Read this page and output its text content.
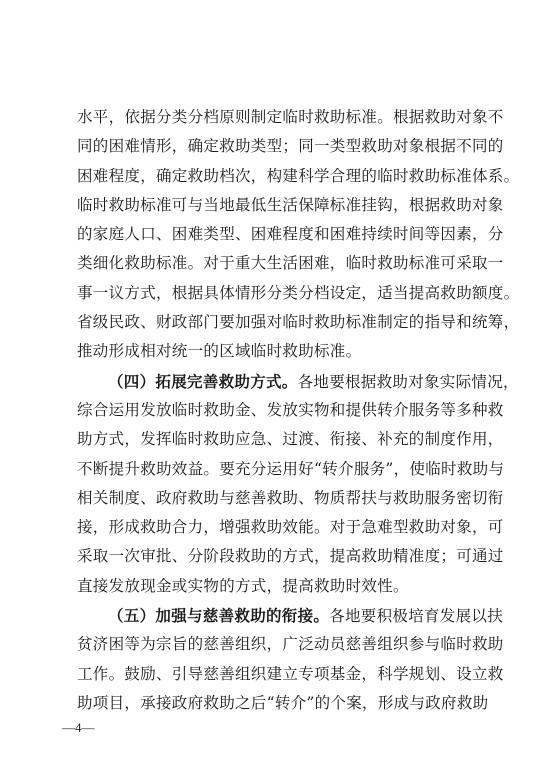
水平，依据分类分档原则制定临时救助标准。根据救助对象不
同的困难情形，确定救助类型；同一类型救助对象根据不同的
困难程度，确定救助档次，构建科学合理的临时救助标准体系。
临时救助标准可与当地最低生活保障标准挂钩，根据救助对象
的家庭人口、困难类型、困难程度和困难持续时间等因素，分
类细化救助标准。对于重大生活困难，临时救助标准可采取一
事一议方式，根据具体情形分类分档设定，适当提高救助额度。
省级民政、财政部门要加强对临时救助标准制定的指导和统筹，
推动形成相对统一的区域临时救助标准。
（四）拓展完善救助方式。各地要根据救助对象实际情况，
综合运用发放临时救助金、发放实物和提供转介服务等多种救
助方式，发挥临时救助应急、过渡、衔接、补充的制度作用，
不断提升救助效益。要充分运用好“转介服务”，使临时救助与
相关制度、政府救助与慈善救助、物质帮扶与救助服务密切衔
接，形成救助合力，增强救助效能。对于急难型救助对象，可
采取一次审批、分阶段救助的方式，提高救助精准度；可通过
直接发放现金或实物的方式，提高救助时效性。
（五）加强与慈善救助的衔接。各地要积极培育发展以扶
贫济困等为宗旨的慈善组织，广泛动员慈善组织参与临时救助
工作。鼓励、引导慈善组织建立专项基金，科学规划、设立救
助项目，承接政府救助之后“转介”的个案，形成与政府救助
—4—
